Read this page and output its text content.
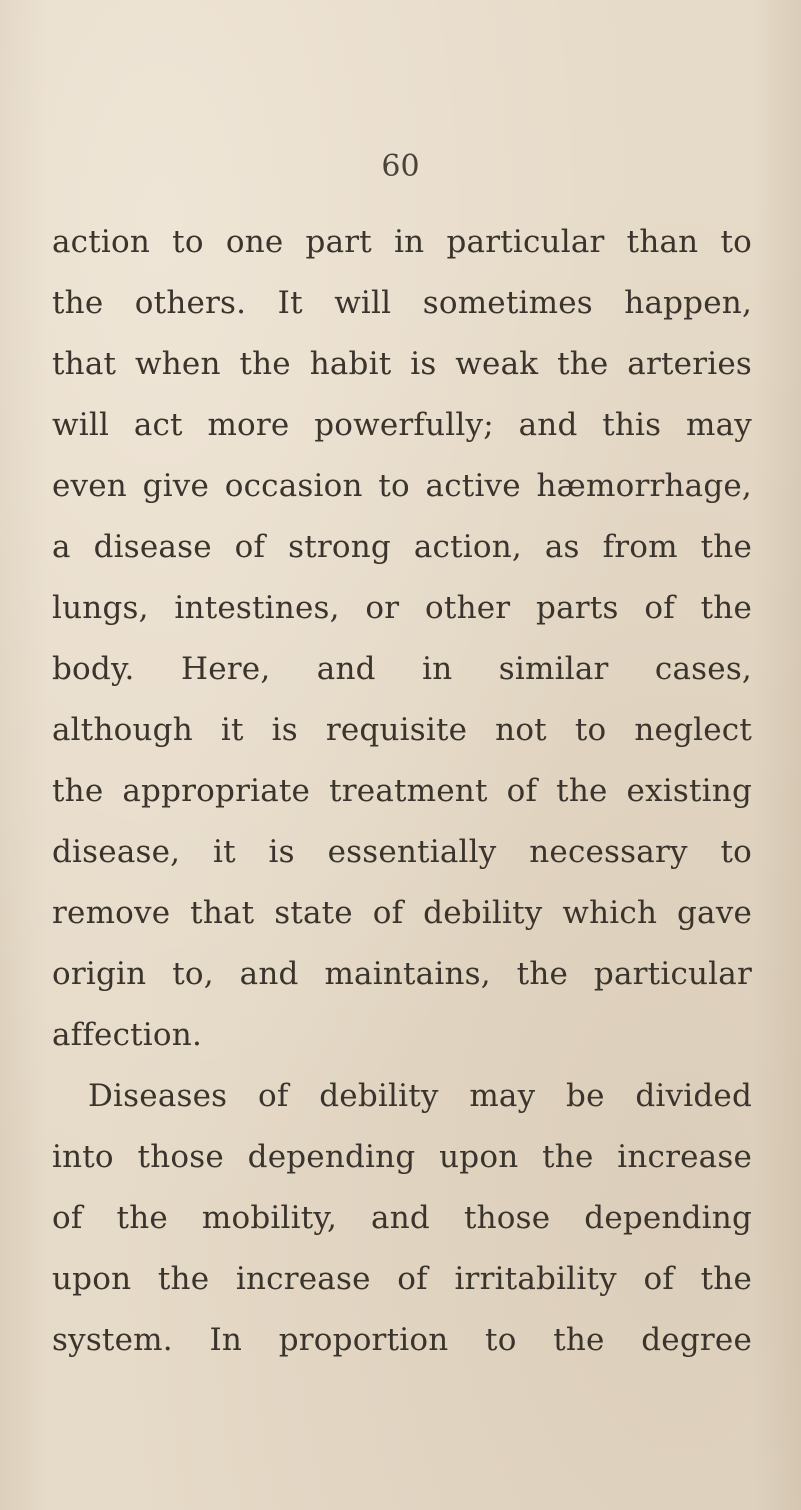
60
action to one part in particular than to
the others. It will sometimes happen,
that when the habit is weak the arteries
will act more powerfully; and this may
even give occasion to active hæmorrhage,
a disease of strong action, as from the
lungs, intestines, or other parts of the
body. Here, and in similar cases,
although it is requisite not to neglect
the appropriate treatment of the existing
disease, it is essentially necessary to
remove that state of debility which gave
origin to, and maintains, the particular
affection.
Diseases of debility may be divided
into those depending upon the increase
of the mobility, and those depending
upon the increase of irritability of the
system. In proportion to the degree
